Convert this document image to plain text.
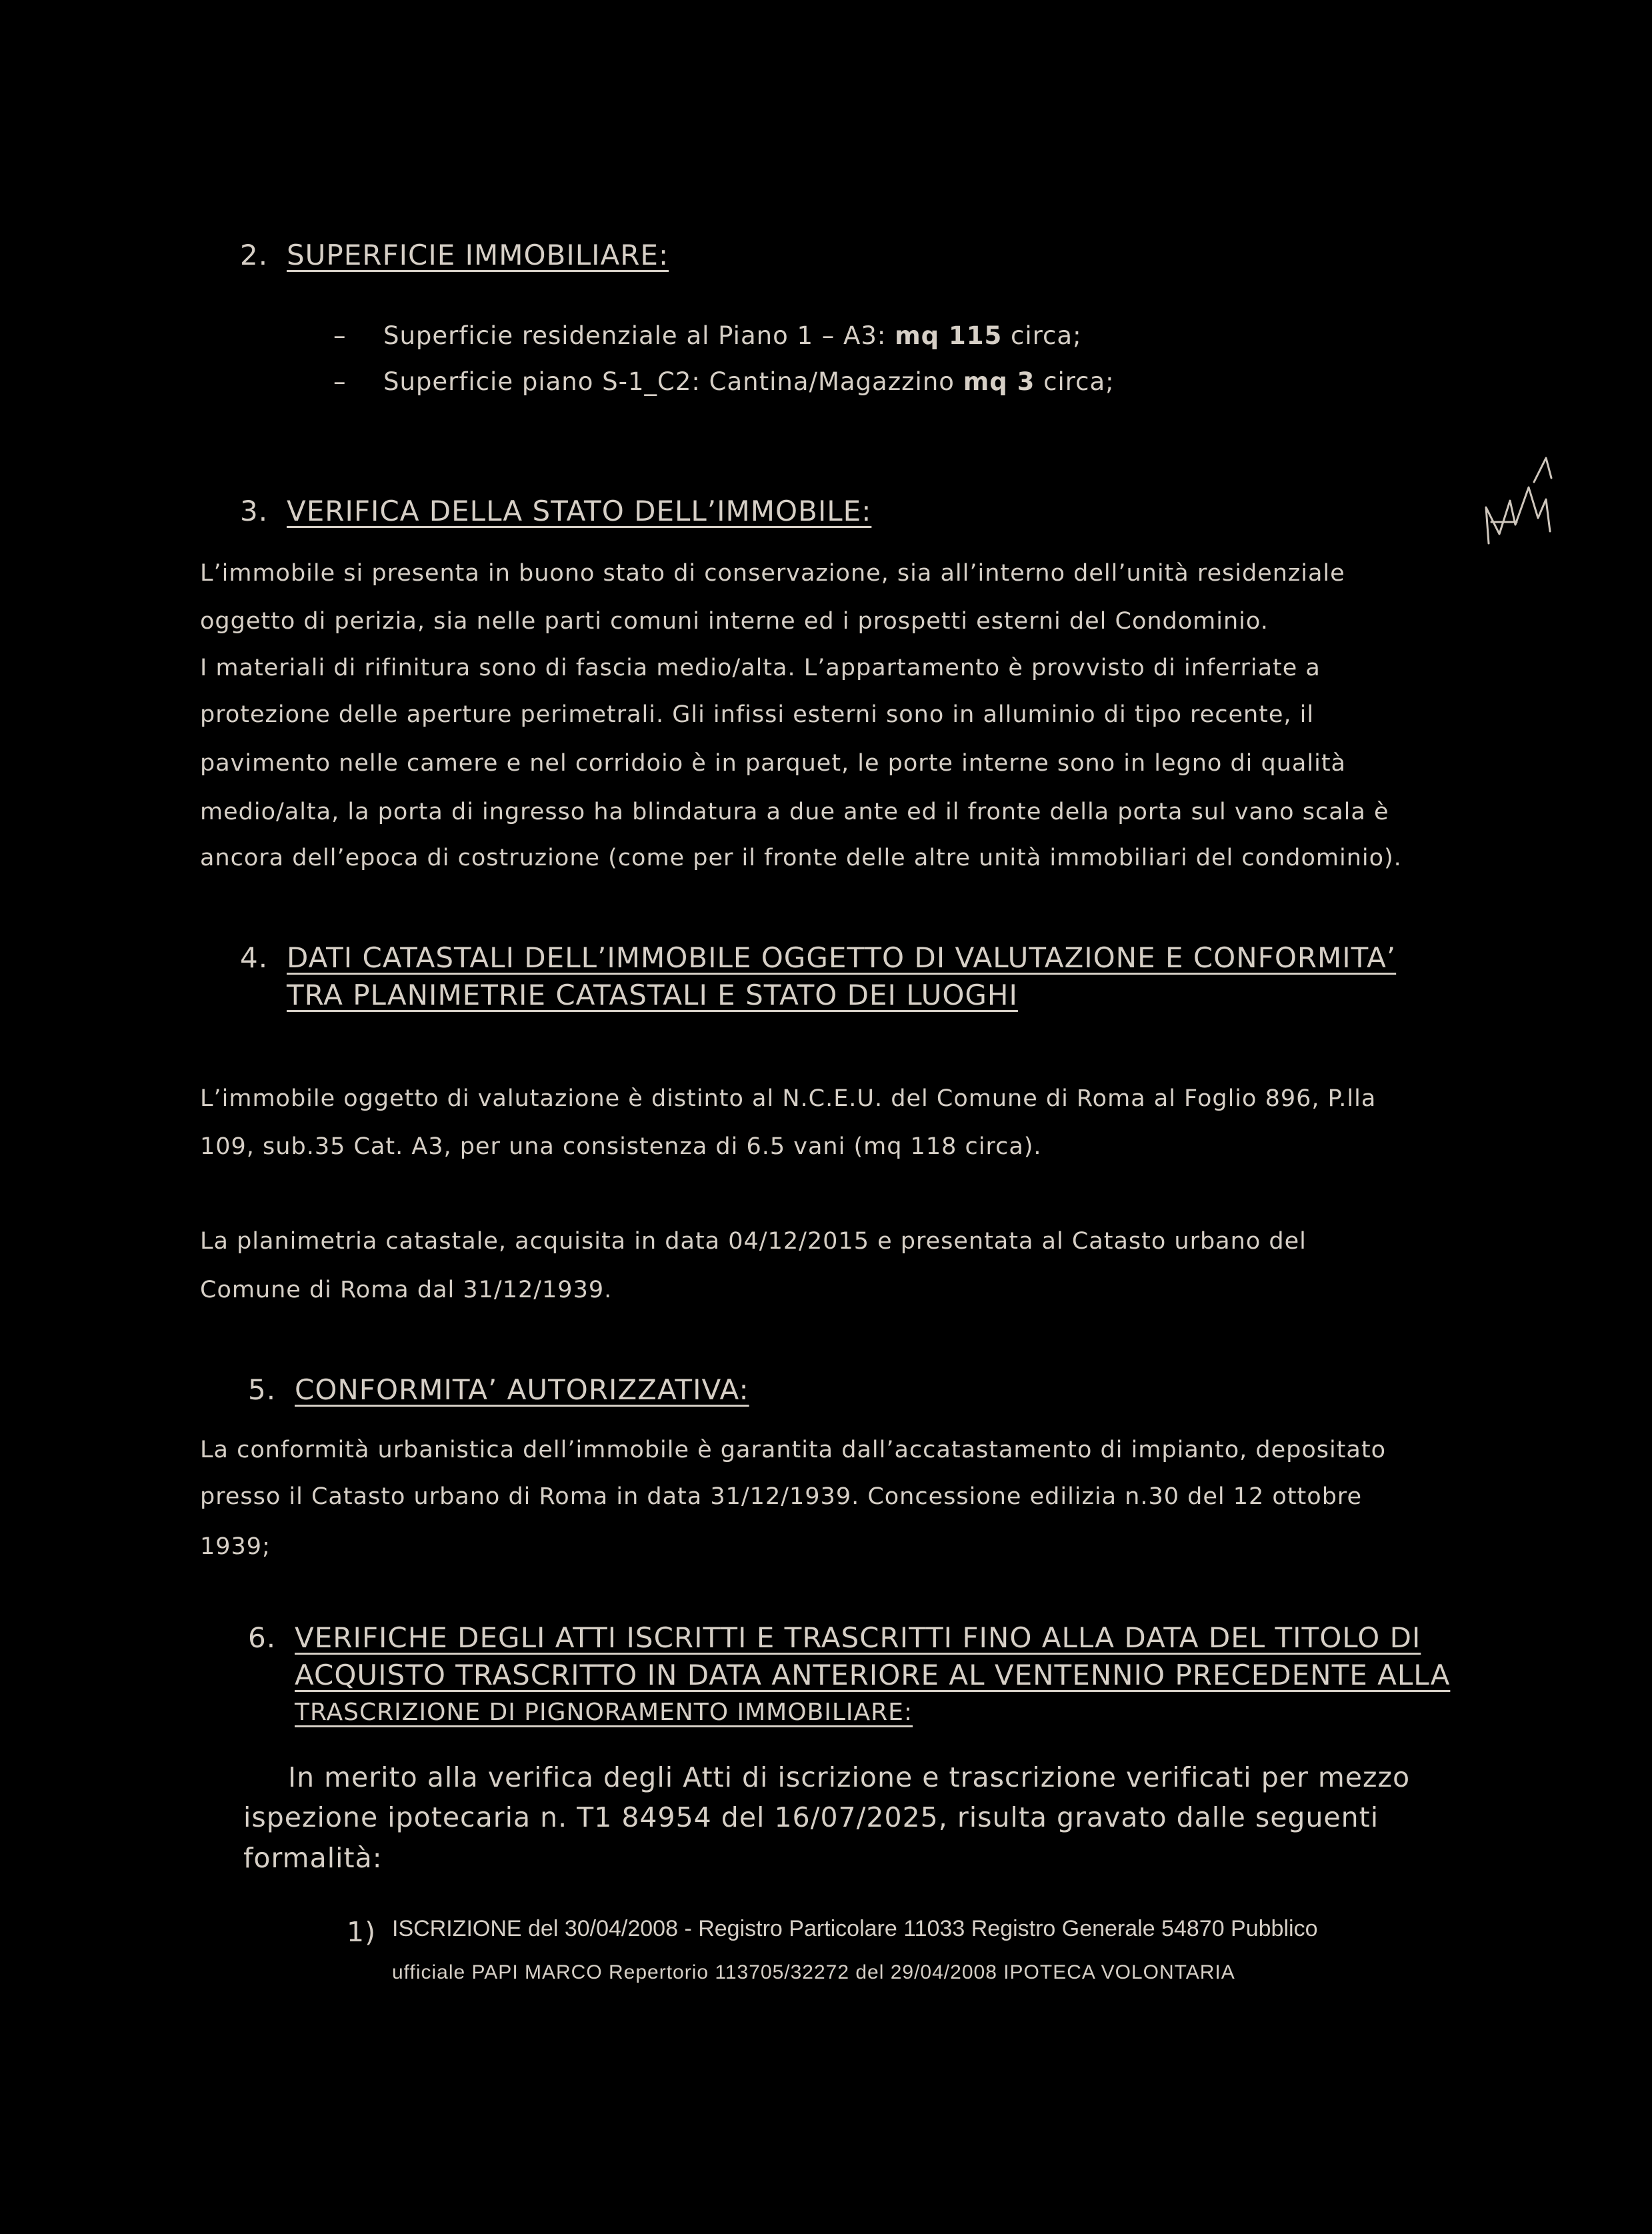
2. SUPERFICIE IMMOBILIARE:
– Superficie residenziale al Piano 1 – A3: mq 115 circa;
– Superficie piano S-1_C2: Cantina/Magazzino mq 3 circa;
3. VERIFICA DELLA STATO DELL’IMMOBILE:
L’immobile si presenta in buono stato di conservazione, sia all’interno dell’unità residenziale
oggetto di perizia, sia nelle parti comuni interne ed i prospetti esterni del Condominio.
I materiali di rifinitura sono di fascia medio/alta. L’appartamento è provvisto di inferriate a
protezione delle aperture perimetrali. Gli infissi esterni sono in alluminio di tipo recente, il
pavimento nelle camere e nel corridoio è in parquet, le porte interne sono in legno di qualità
medio/alta, la porta di ingresso ha blindatura a due ante ed il fronte della porta sul vano scala è
ancora dell’epoca di costruzione (come per il fronte delle altre unità immobiliari del condominio).
4. DATI CATASTALI DELL’IMMOBILE OGGETTO DI VALUTAZIONE E CONFORMITA’
TRA PLANIMETRIE CATASTALI E STATO DEI LUOGHI
L’immobile oggetto di valutazione è distinto al N.C.E.U. del Comune di Roma al Foglio 896, P.lla
109, sub.35 Cat. A3, per una consistenza di 6.5 vani (mq 118 circa).
La planimetria catastale, acquisita in data 04/12/2015 e presentata al Catasto urbano del
Comune di Roma dal 31/12/1939.
5. CONFORMITA’ AUTORIZZATIVA:
La conformità urbanistica dell’immobile è garantita dall’accatastamento di impianto, depositato
presso il Catasto urbano di Roma in data 31/12/1939. Concessione edilizia n.30 del 12 ottobre
1939;
6. VERIFICHE DEGLI ATTI ISCRITTI E TRASCRITTI FINO ALLA DATA DEL TITOLO DI
ACQUISTO TRASCRITTO IN DATA ANTERIORE AL VENTENNIO PRECEDENTE ALLA
TRASCRIZIONE DI PIGNORAMENTO IMMOBILIARE:
In merito alla verifica degli Atti di iscrizione e trascrizione verificati per mezzo
ispezione ipotecaria n. T1 84954 del 16/07/2025, risulta gravato dalle seguenti
formalità:
1) ISCRIZIONE del 30/04/2008 - Registro Particolare 11033 Registro Generale 54870 Pubblico
ufficiale PAPI MARCO Repertorio 113705/32272 del 29/04/2008 IPOTECA VOLONTARIA
